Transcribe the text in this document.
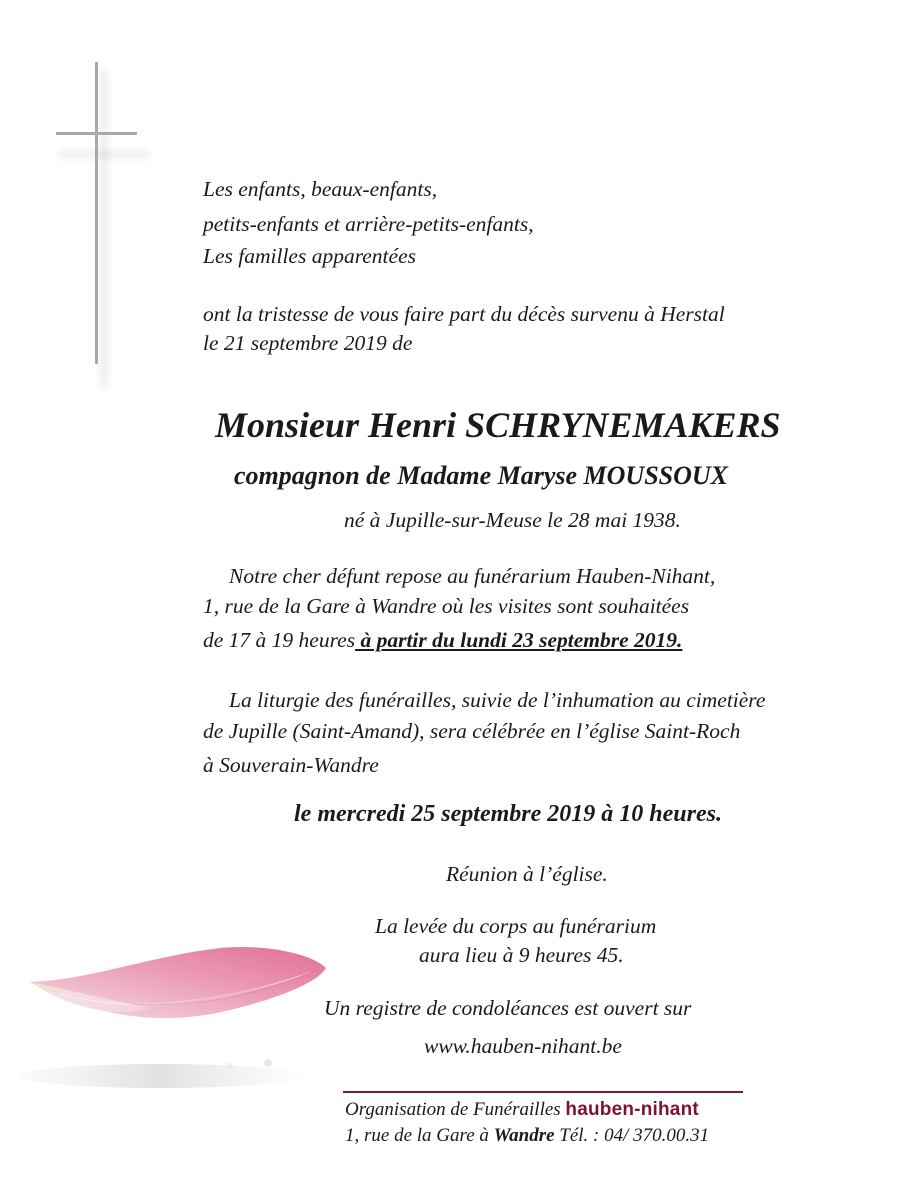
Les enfants, beaux-enfants,
petits-enfants et arrière-petits-enfants,
Les familles apparentées
ont la tristesse de vous faire part du décès survenu à Herstal
le 21 septembre 2019 de
Monsieur Henri SCHRYNEMAKERS
compagnon de Madame Maryse MOUSSOUX
né à Jupille-sur-Meuse le 28 mai 1938.
Notre cher défunt repose au funérarium Hauben-Nihant,
1, rue de la Gare à Wandre où les visites sont souhaitées
de 17 à 19 heures à partir du lundi 23 septembre 2019.
La liturgie des funérailles, suivie de l’inhumation au cimetière
de Jupille (Saint-Amand), sera célébrée en l’église Saint-Roch
à Souverain-Wandre
le mercredi 25 septembre 2019 à 10 heures.
Réunion à l’église.
La levée du corps au funérarium
aura lieu à 9 heures 45.
Un registre de condoléances est ouvert sur
www.hauben-nihant.be
Organisation de Funérailles hauben-nihant
1, rue de la Gare à Wandre Tél. : 04/ 370.00.31
